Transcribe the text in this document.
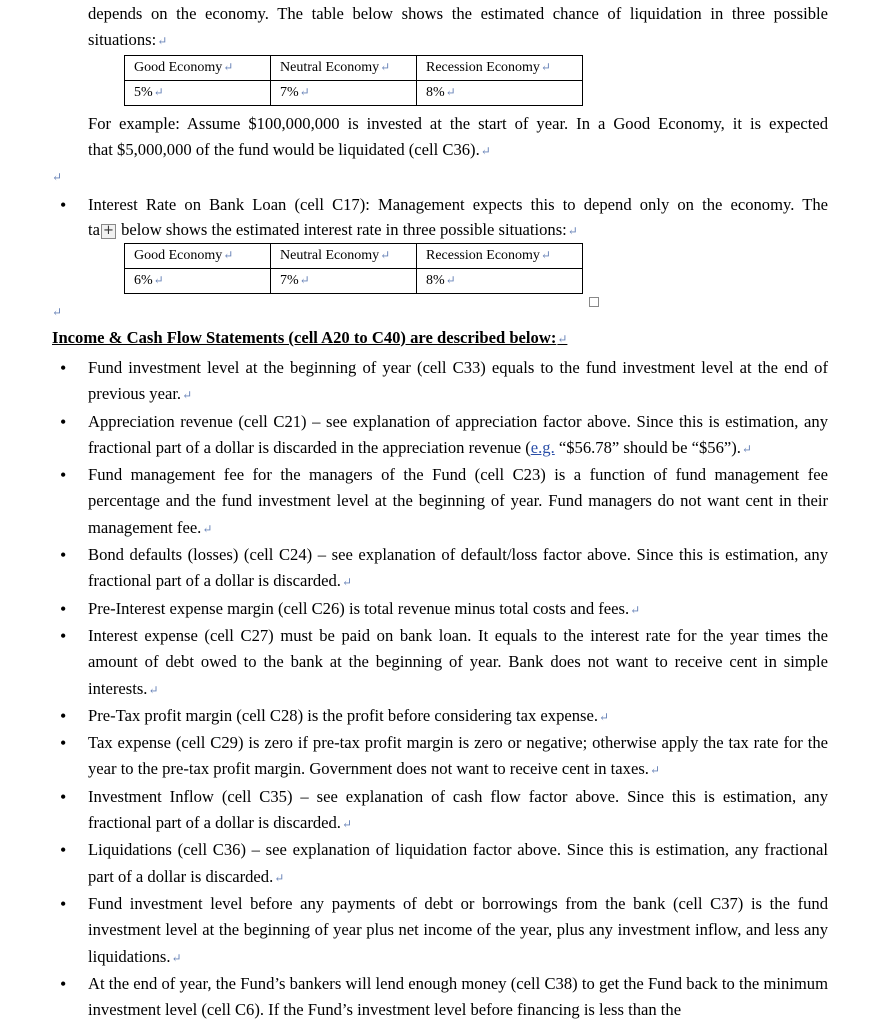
depends on the economy. The table below shows the estimated chance of liquidation in three possible
situations:↵
Good Economy↵	Neutral Economy↵	Recession Economy↵
5%↵	7%↵	8%↵
For example: Assume $100,000,000 is invested at the start of year. In a Good Economy, it is expected
that $5,000,000 of the fund would be liquidated (cell C36).↵
↵
• Interest Rate on Bank Loan (cell C17): Management expects this to depend only on the economy. The
ta + below shows the estimated interest rate in three possible situations:↵
Good Economy↵	Neutral Economy↵	Recession Economy↵
6%↵	7%↵	8%↵
↵
Income & Cash Flow Statements (cell A20 to C40) are described below:↵
• Fund investment level at the beginning of year (cell C33) equals to the fund investment level at the end of previous year.↵
• Appreciation revenue (cell C21) – see explanation of appreciation factor above. Since this is estimation, any fractional part of a dollar is discarded in the appreciation revenue (e.g. “$56.78” should be “$56”).↵
• Fund management fee for the managers of the Fund (cell C23) is a function of fund management fee percentage and the fund investment level at the beginning of year. Fund managers do not want cent in their management fee.↵
• Bond defaults (losses) (cell C24) – see explanation of default/loss factor above. Since this is estimation, any fractional part of a dollar is discarded.↵
• Pre-Interest expense margin (cell C26) is total revenue minus total costs and fees.↵
• Interest expense (cell C27) must be paid on bank loan. It equals to the interest rate for the year times the amount of debt owed to the bank at the beginning of year. Bank does not want to receive cent in simple interests.↵
• Pre-Tax profit margin (cell C28) is the profit before considering tax expense.↵
• Tax expense (cell C29) is zero if pre-tax profit margin is zero or negative; otherwise apply the tax rate for the year to the pre-tax profit margin. Government does not want to receive cent in taxes.↵
• Investment Inflow (cell C35) – see explanation of cash flow factor above. Since this is estimation, any fractional part of a dollar is discarded.↵
• Liquidations (cell C36) – see explanation of liquidation factor above. Since this is estimation, any fractional part of a dollar is discarded.↵
• Fund investment level before any payments of debt or borrowings from the bank (cell C37) is the fund investment level at the beginning of year plus net income of the year, plus any investment inflow, and less any liquidations.↵
• At the end of year, the Fund’s bankers will lend enough money (cell C38) to get the Fund back to the minimum investment level (cell C6). If the Fund’s investment level before financing is less than the
